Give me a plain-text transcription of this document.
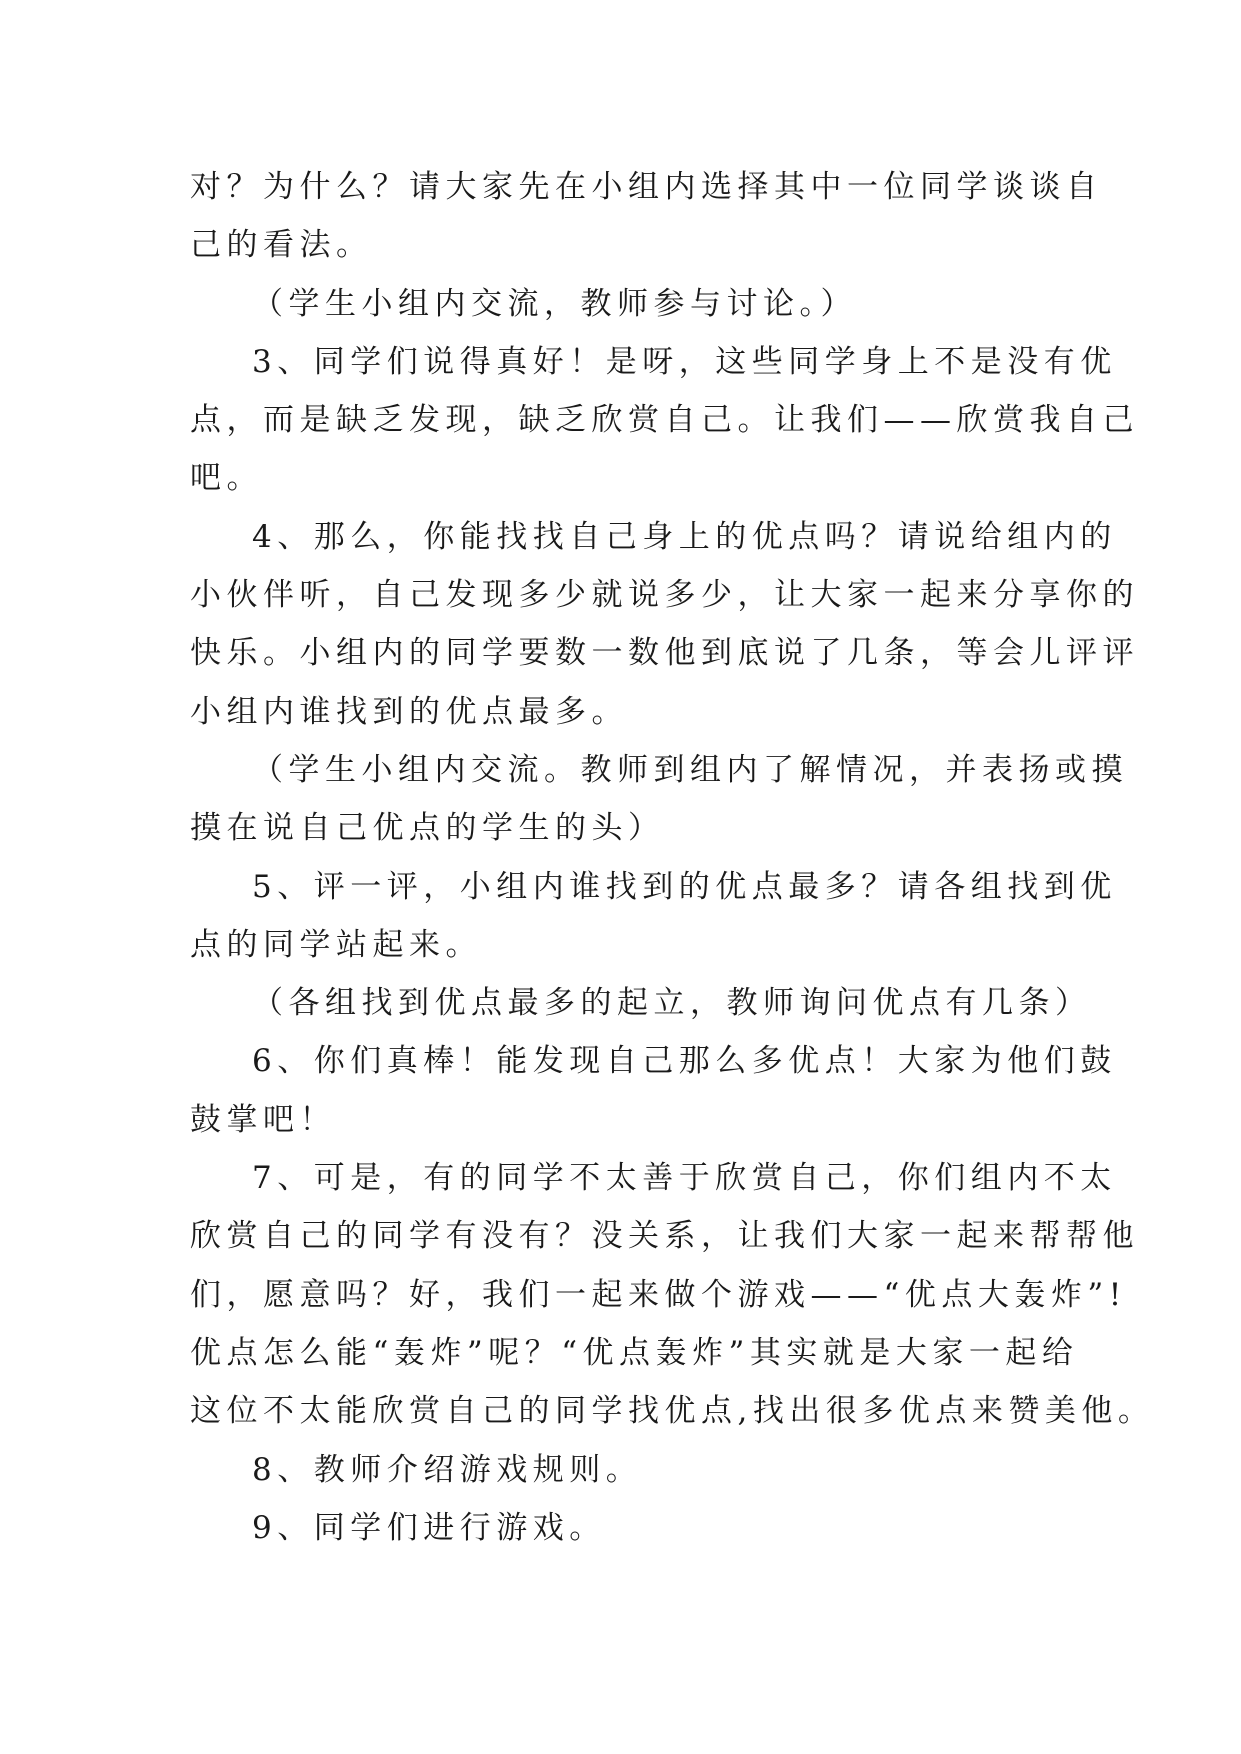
对？为什么？请大家先在小组内选择其中一位同学谈谈自
己的看法。
（学生小组内交流，教师参与讨论。）
3、同学们说得真好！是呀，这些同学身上不是没有优
点，而是缺乏发现，缺乏欣赏自己。让我们——欣赏我自己
吧。
4、那么，你能找找自己身上的优点吗？请说给组内的
小伙伴听，自己发现多少就说多少，让大家一起来分享你的
快乐。小组内的同学要数一数他到底说了几条，等会儿评评
小组内谁找到的优点最多。
（学生小组内交流。教师到组内了解情况，并表扬或摸
摸在说自己优点的学生的头）
5、评一评，小组内谁找到的优点最多？请各组找到优
点的同学站起来。
（各组找到优点最多的起立，教师询问优点有几条）
6、你们真棒！能发现自己那么多优点！大家为他们鼓
鼓掌吧！
7、可是，有的同学不太善于欣赏自己，你们组内不太
欣赏自己的同学有没有？没关系，让我们大家一起来帮帮他
们，愿意吗？好，我们一起来做个游戏——“优点大轰炸”!
优点怎么能“轰炸”呢？“优点轰炸”其实就是大家一起给
这位不太能欣赏自己的同学找优点,找出很多优点来赞美他。
8、教师介绍游戏规则。
9、同学们进行游戏。
